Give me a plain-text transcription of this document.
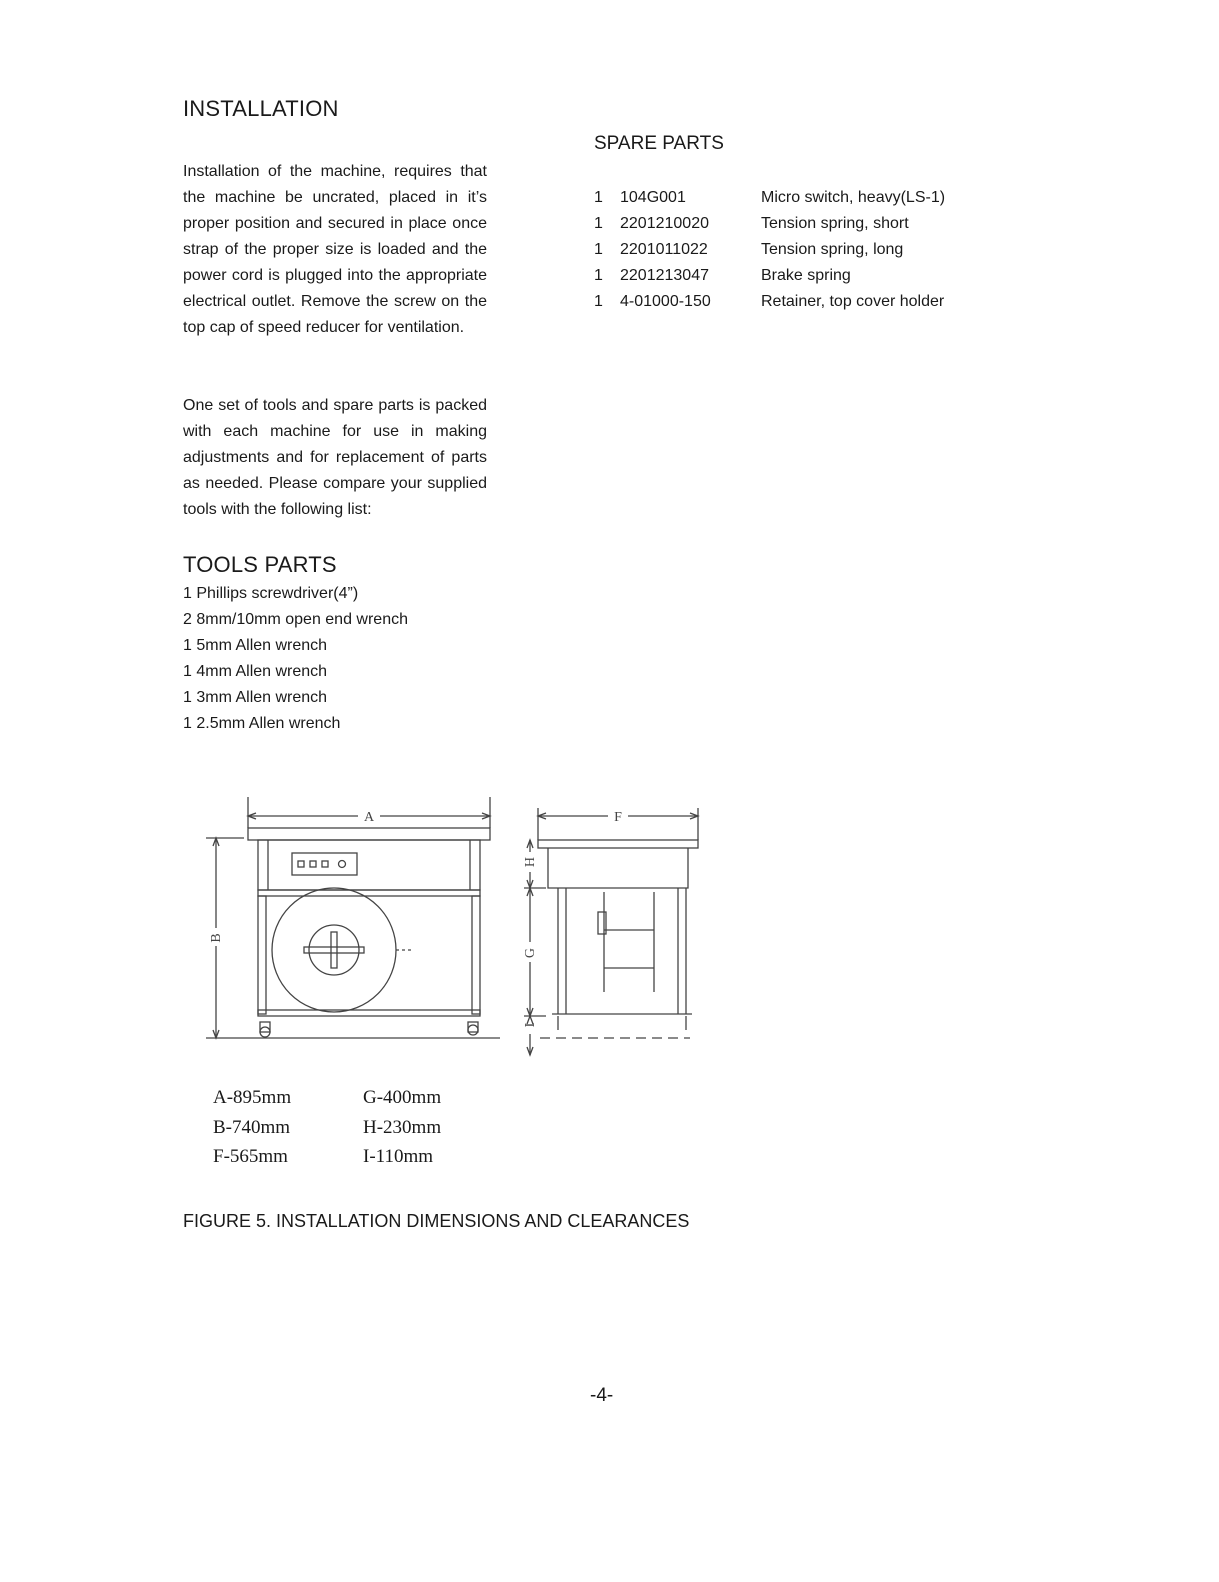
INSTALLATION
Installation of the machine, requires that the machine be uncrated, placed in it’s proper position and secured in place once strap of the proper size is loaded and the power cord is plugged into the appropriate electrical outlet. Remove the screw on the top cap of speed reducer for ventilation.
One set of tools and spare parts is packed with each machine for use in making adjustments and for replacement of parts as needed. Please compare your supplied tools with the following list:
TOOLS PARTS
1 Phillips screwdriver(4”)
2 8mm/10mm open end wrench
1 5mm Allen wrench
1 4mm Allen wrench
1 3mm Allen wrench
1 2.5mm Allen wrench
SPARE PARTS
1 104G001	Micro switch, heavy(LS-1)
1 2201210020	Tension spring, short
1 2201011022	Tension spring, long
1 2201213047	Brake spring
1 4-01000-150	Retainer, top cover holder
A
B
F
H
G
I
A-895mm
B-740mm
F-565mm
G-400mm
H-230mm
I-110mm
FIGURE 5. INSTALLATION DIMENSIONS AND CLEARANCES
-4-
